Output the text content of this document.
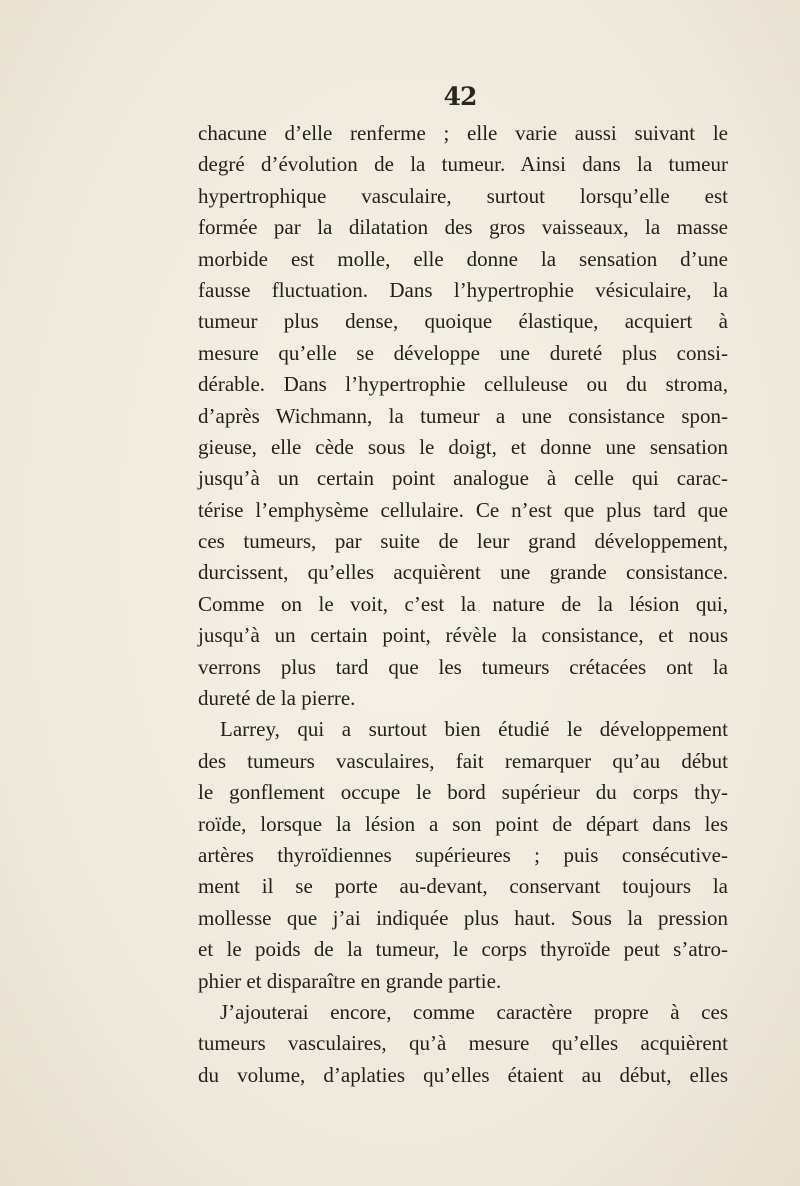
42
chacune d’elle renferme ; elle varie aussi suivant le
degré d’évolution de la tumeur. Ainsi dans la tumeur
hypertrophique vasculaire, surtout lorsqu’elle est
formée par la dilatation des gros vaisseaux, la masse
morbide est molle, elle donne la sensation d’une
fausse fluctuation. Dans l’hypertrophie vésiculaire, la
tumeur plus dense, quoique élastique, acquiert à
mesure qu’elle se développe une dureté plus consi-
dérable. Dans l’hypertrophie celluleuse ou du stroma,
d’après Wichmann, la tumeur a une consistance spon-
gieuse, elle cède sous le doigt, et donne une sensation
jusqu’à un certain point analogue à celle qui carac-
térise l’emphysème cellulaire. Ce n’est que plus tard que
ces tumeurs, par suite de leur grand développement,
durcissent, qu’elles acquièrent une grande consistance.
Comme on le voit, c’est la nature de la lésion qui,
jusqu’à un certain point, révèle la consistance, et nous
verrons plus tard que les tumeurs crétacées ont la
dureté de la pierre.
Larrey, qui a surtout bien étudié le développement
des tumeurs vasculaires, fait remarquer qu’au début
le gonflement occupe le bord supérieur du corps thy-
roïde, lorsque la lésion a son point de départ dans les
artères thyroïdiennes supérieures ; puis consécutive-
ment il se porte au-devant, conservant toujours la
mollesse que j’ai indiquée plus haut. Sous la pression
et le poids de la tumeur, le corps thyroïde peut s’atro-
phier et disparaître en grande partie.
J’ajouterai encore, comme caractère propre à ces
tumeurs vasculaires, qu’à mesure qu’elles acquièrent
du volume, d’aplaties qu’elles étaient au début, elles
